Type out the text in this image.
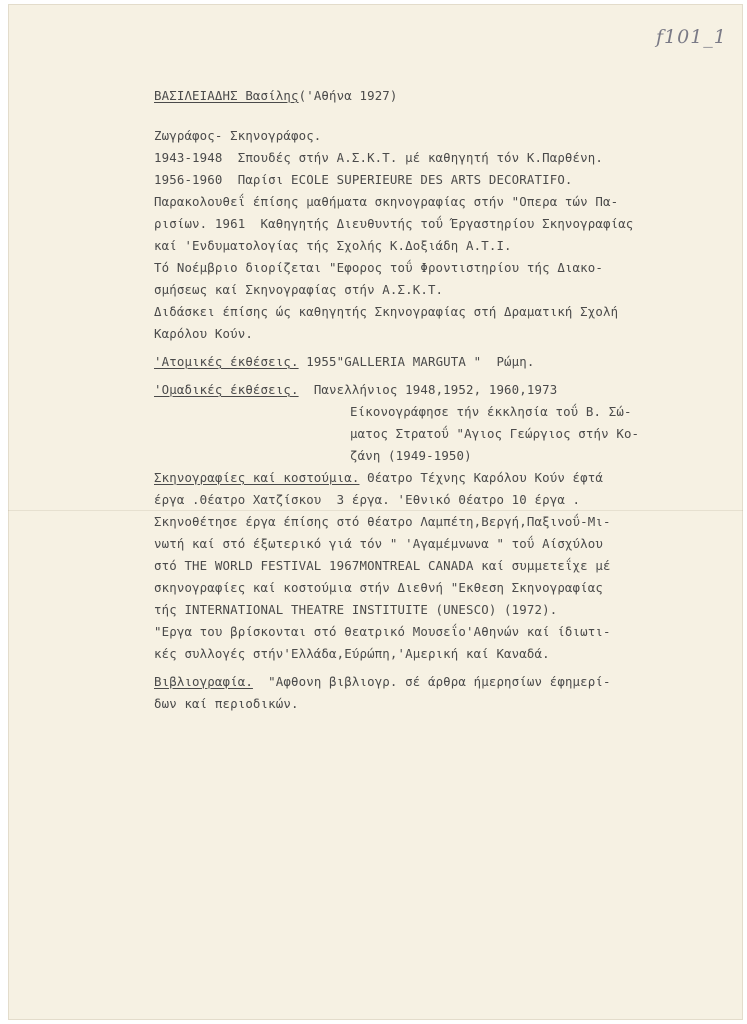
f101_1

ΒΑΣΙΛΕΙΑΔΗΣ Βασίλης('Αθήνα 1927)

Ζωγράφος- Σκηνογράφος.

1943-1948  Σπουδές στήν Α.Σ.Κ.Τ. μέ καθηγητή τόν Κ.Παρθένη.

1956-1960  Παρίσι ECOLE SUPERIEURE DES ARTS DECORATIFO.

Παρακολουθεΐ έπίσης μαθήματα σκηνογραφίας στήν "Οπερα τών Πα-

ρισίων. 1961  Καθηγητής Διευθυντής τοΰ Έργαστηρίου Σκηνογραφίας

καί 'Ενδυματολογίας τής Σχολής Κ.Δοξιάδη Α.Τ.Ι.

Τό Νοέμβριο διορίζεται "Εφορος τοΰ Φροντιστηρίου τής Διακο-

σμήσεως καί Σκηνογραφίας στήν Α.Σ.Κ.Τ.

Διδάσκει έπίσης ώς καθηγητής Σκηνογραφίας στή Δραματική Σχολή

Καρόλου Κούν.

'Ατομικές έκθέσεις. 1955"GALLERIA MARGUTA "  Ρώμη.

'Ομαδικές έκθέσεις.  Πανελλήνιος 1948,1952, 1960,1973

Είκονογράφησε τήν έκκλησία τοΰ Β. Σώ-

ματος Στρατοΰ "Αγιος Γεώργιος στήν Κο-

ζάνη (1949-1950)

Σκηνογραφίες καί κοστούμια. Θέατρο Τέχνης Καρόλου Κούν έφτά

έργα .Θέατρο Χατζίσκου  3 έργα. 'Εθνικό Θέατρο 10 έργα .

Σκηνοθέτησε έργα έπίσης στό θέατρο Λαμπέτη,Βεργή,Παξινοΰ-Μι-

νωτή καί στό έξωτερικό γιά τόν " 'Αγαμέμνωνα " τοΰ Αίσχύλου

στό THE WORLD FESTIVAL 1967MONTREAL CANADA καί συμμετεΐχε μέ

σκηνογραφίες καί κοστούμια στήν Διεθνή "Εκθεση Σκηνογραφίας

τής INTERNATIONAL THEATRE INSTITUITE (UNESCO) (1972).

"Εργα του βρίσκονται στό θεατρικό Μουσεΐο'Αθηνών καί ίδιωτι-

κές συλλογές στήν'Ελλάδα,Εύρώπη,'Αμερική καί Καναδά.

Βιβλιογραφία.  "Αφθονη βιβλιογρ. σέ άρθρα ήμερησίων έφημερί-

δων καί περιοδικών.
